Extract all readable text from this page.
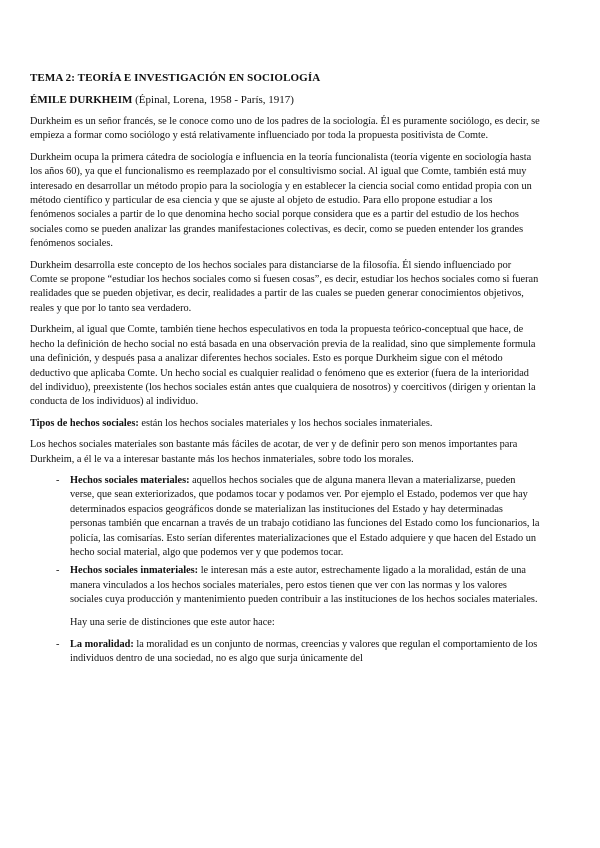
TEMA 2: TEORÍA E INVESTIGACIÓN EN SOCIOLOGÍA
ÉMILE DURKHEIM (Épinal, Lorena, 1958 - París, 1917)

Durkheim es un señor francés, se le conoce como uno de los padres de la sociología. Él es puramente sociólogo, es decir, se empieza a formar como sociólogo y está relativamente influenciado por toda la propuesta positivista de Comte.

Durkheim ocupa la primera cátedra de sociología e influencia en la teoría funcionalista (teoría vigente en sociología hasta los años 60), ya que el funcionalismo es reemplazado por el consultivismo social. Al igual que Comte, también está muy interesado en desarrollar un método propio para la sociología y en establecer la ciencia social como entidad propia con un método científico y particular de esa ciencia y que se ajuste al objeto de estudio. Para ello propone estudiar a los fenómenos sociales a partir de lo que denomina hecho social porque considera que es a partir del estudio de los hechos sociales como se pueden analizar las grandes manifestaciones colectivas, es decir, como se pueden entender los grandes fenómenos sociales.

Durkheim desarrolla este concepto de los hechos sociales para distanciarse de la filosofía. Él siendo influenciado por Comte se propone “estudiar los hechos sociales como si fuesen cosas”, es decir, estudiar los hechos sociales como si fueran realidades que se pueden objetivar, es decir, realidades a partir de las cuales se pueden generar conocimientos objetivos, reales y que por lo tanto sea verdadero.

Durkheim, al igual que Comte, también tiene hechos especulativos en toda la propuesta teórico-conceptual que hace, de hecho la definición de hecho social no está basada en una observación previa de la realidad, sino que simplemente formula una definición, y después pasa a analizar diferentes hechos sociales. Esto es porque Durkheim sigue con el método deductivo que aplicaba Comte. Un hecho social es cualquier realidad o fenómeno que es exterior (fuera de la interioridad del individuo), preexistente (los hechos sociales están antes que cualquiera de nosotros) y coercitivos (dirigen y orientan la conducta de los individuos) al individuo.

Tipos de hechos sociales: están los hechos sociales materiales y los hechos sociales inmateriales.

Los hechos sociales materiales son bastante más fáciles de acotar, de ver y de definir pero son menos importantes para Durkheim, a él le va a interesar bastante más los hechos inmateriales, sobre todo los morales.

- Hechos sociales materiales: aquellos hechos sociales que de alguna manera llevan a materializarse, pueden verse, que sean exteriorizados, que podamos tocar y podamos ver. Por ejemplo el Estado, podemos ver que hay determinados espacios geográficos donde se materializan las instituciones del Estado y hay determinadas personas también que encarnan a través de un trabajo cotidiano las funciones del Estado como los funcionarios, la policía, las comisarías. Esto serían diferentes materializaciones que el Estado adquiere y que hacen del Estado un hecho social material, algo que podemos ver y que podemos tocar.
- Hechos sociales inmateriales: le interesan más a este autor, estrechamente ligado a la moralidad, están de una manera vinculados a los hechos sociales materiales, pero estos tienen que ver con las normas y los valores sociales cuya producción y mantenimiento pueden contribuir a las instituciones de los hechos sociales materiales.

Hay una serie de distinciones que este autor hace:

- La moralidad: la moralidad es un conjunto de normas, creencias y valores que regulan el comportamiento de los individuos dentro de una sociedad, no es algo que surja únicamente del
